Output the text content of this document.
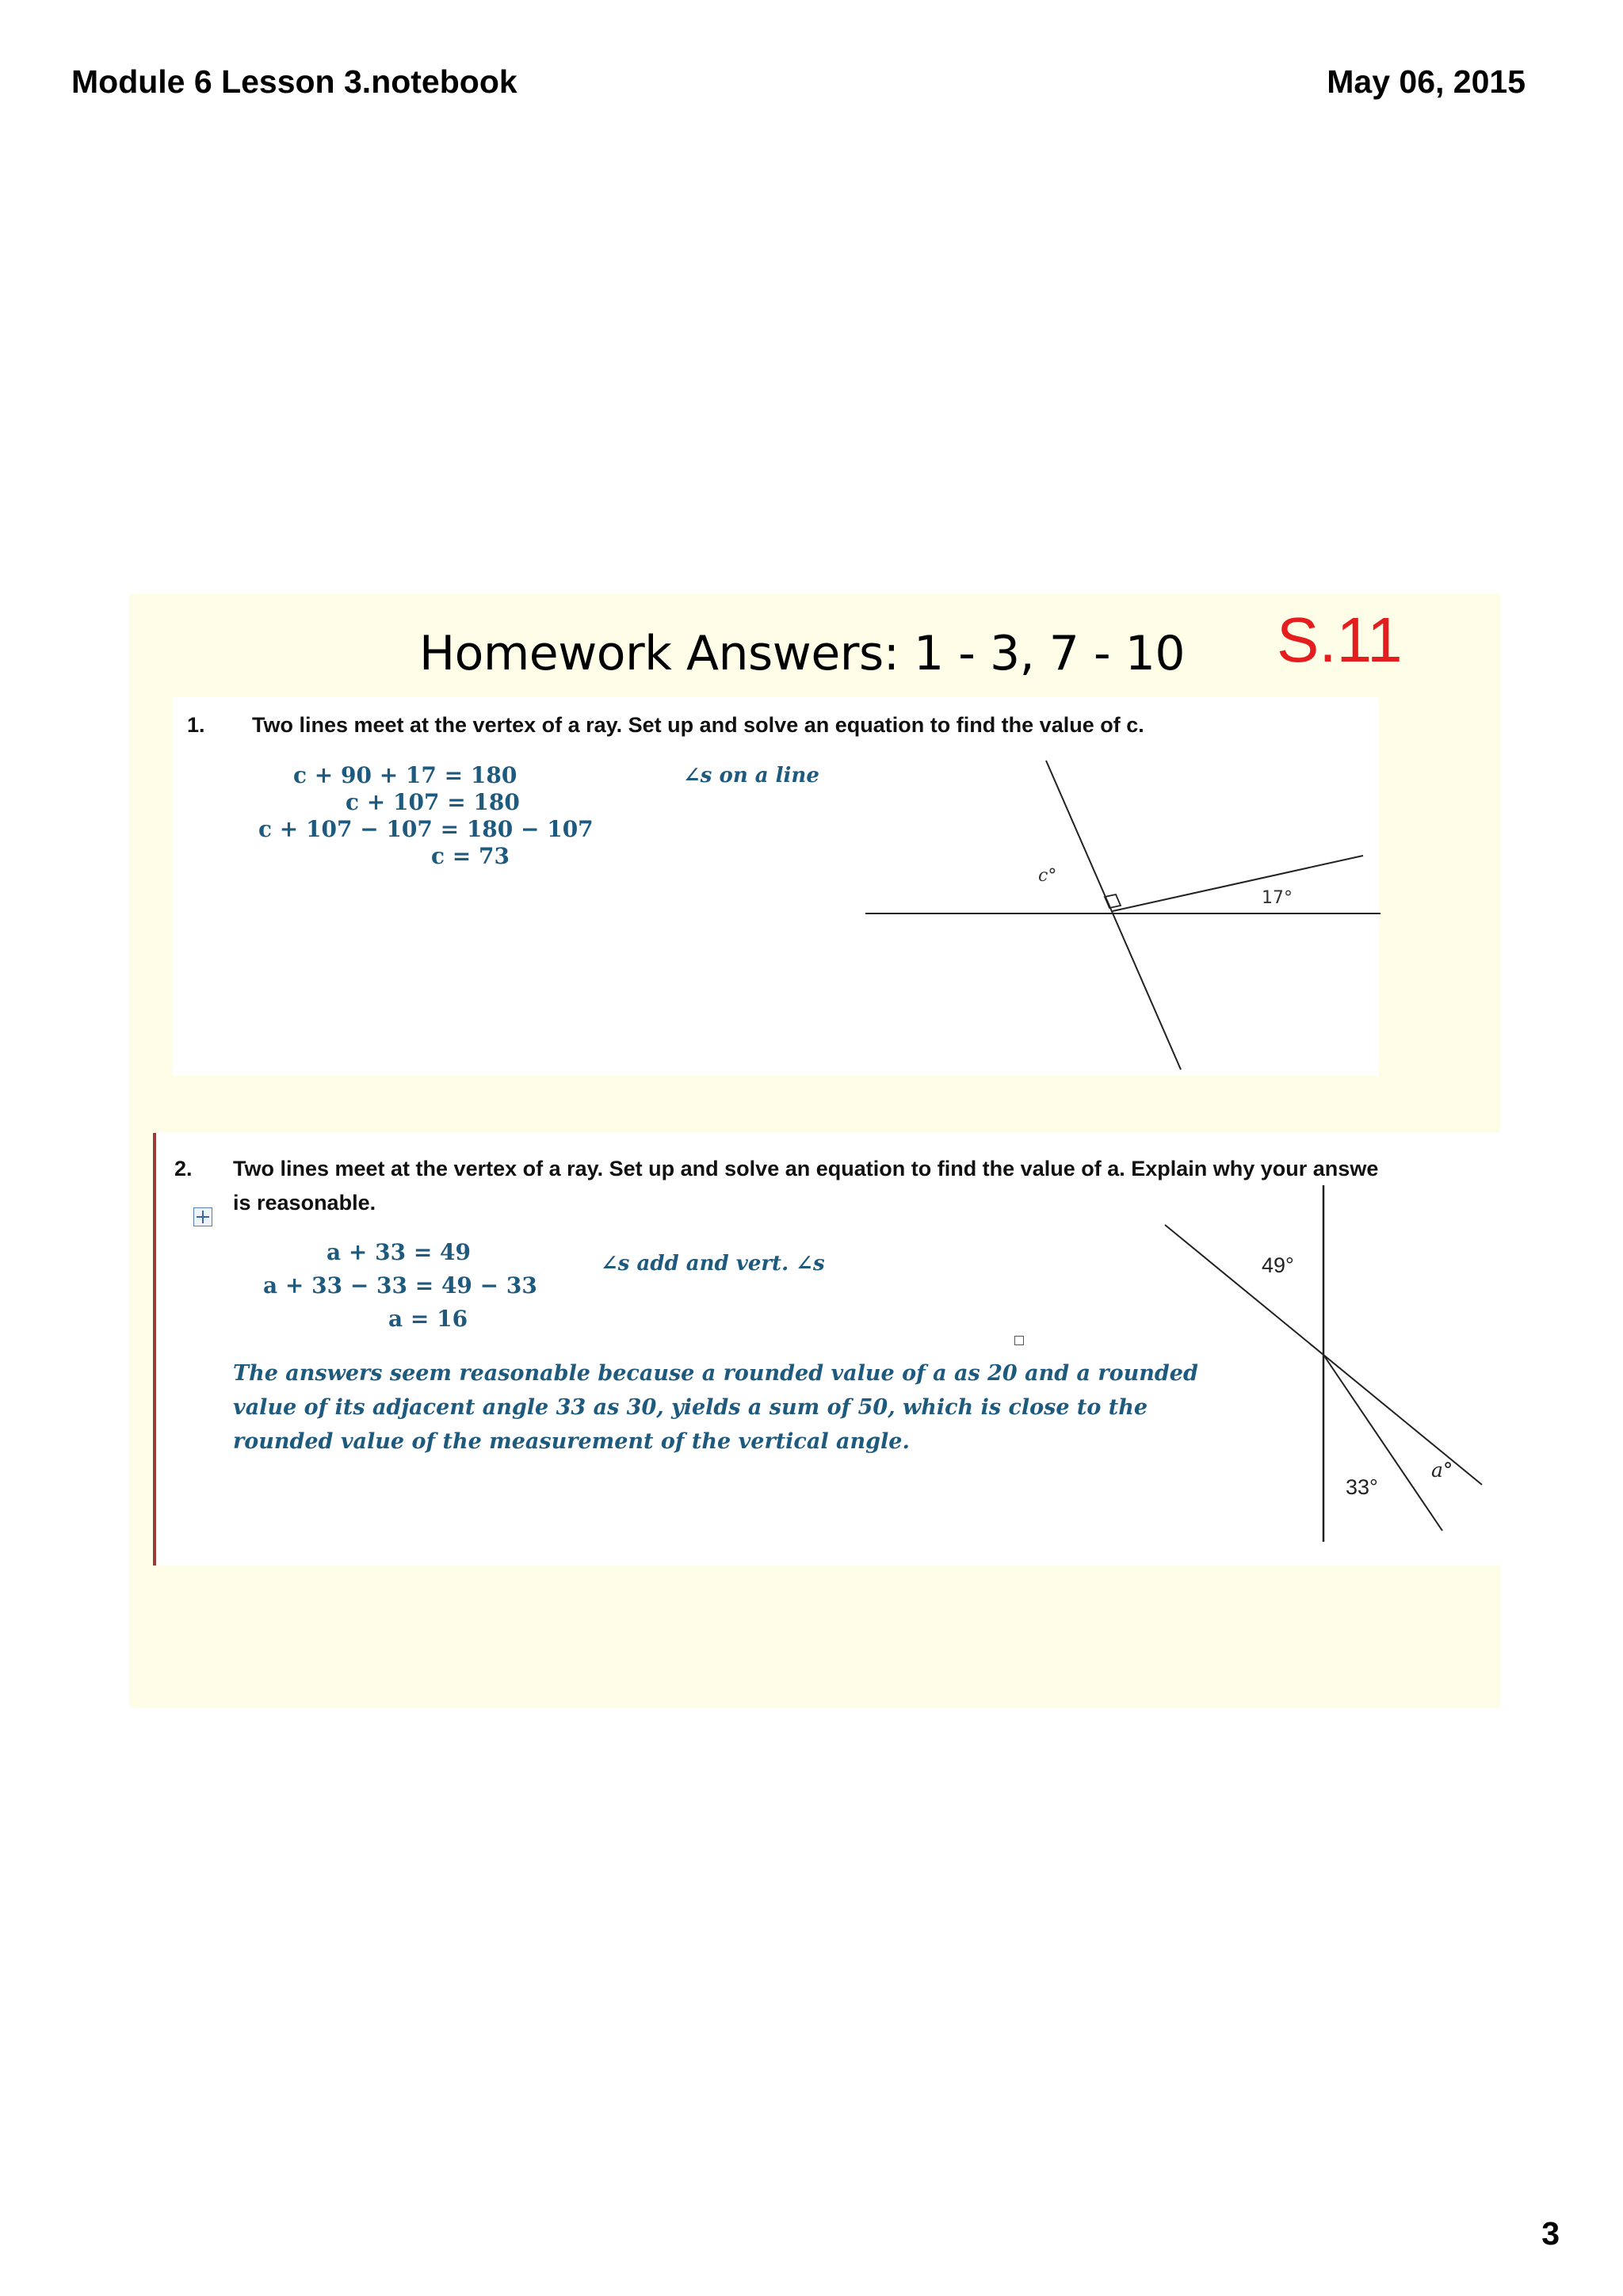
Module 6 Lesson 3.notebook	May 06, 2015
Homework Answers: 1 - 3, 7 - 10 S.11
1. Two lines meet at the vertex of a ray. Set up and solve an equation to find the value of c.
c + 90 + 17 = 180
c + 107 = 180
c + 107 − 107 = 180 − 107
c = 73
∠s on a line
c°
17°
2. Two lines meet at the vertex of a ray. Set up and solve an equation to find the value of a. Explain why your answe
is reasonable.
a + 33 = 49
a + 33 − 33 = 49 − 33
a = 16
∠s add and vert. ∠s
The answers seem reasonable because a rounded value of a as 20 and a rounded
value of its adjacent angle 33 as 30, yields a sum of 50, which is close to the
rounded value of the measurement of the vertical angle.
49°
33°
a°
3
